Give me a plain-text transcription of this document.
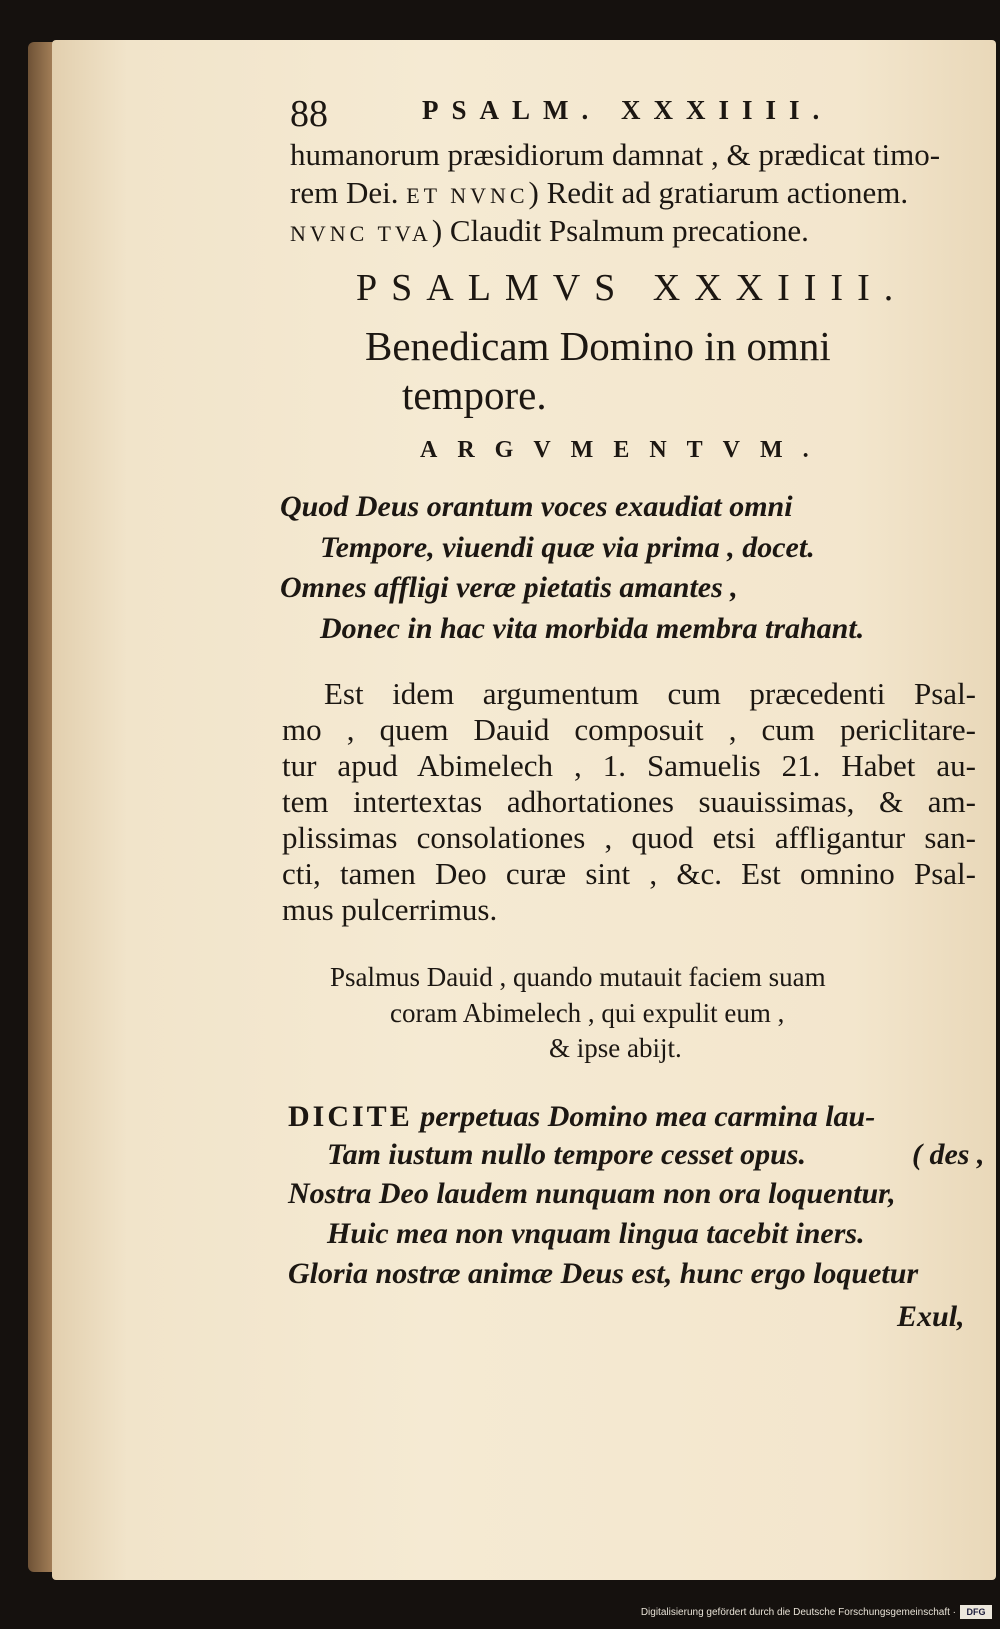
88	PSALM. XXXIIII.
humanorum præsidiorum damnat , & prædicat timo-
rem Dei. ET NVNC) Redit ad gratiarum actionem.
NVNC TVA) Claudit Psalmum precatione.
PSALMVS XXXIIII.
Benedicam Domino in omni
tempore.
ARGVMENTVM.
Quod Deus orantum voces exaudiat omni
Tempore, viuendi quæ via prima , docet.
Omnes affligi veræ pietatis amantes ,
Donec in hac vita morbida membra trahant.
Est idem argumentum cum præcedenti Psal-
mo , quem Dauid composuit , cum periclitare-
tur apud Abimelech , 1. Samuelis 21. Habet au-
tem intertextas adhortationes suauissimas, & am-
plissimas consolationes , quod etsi affligantur san-
cti, tamen Deo curæ sint , &c. Est omnino Psal-
mus pulcerrimus.
Psalmus Dauid , quando mutauit faciem suam
coram Abimelech , qui expulit eum ,
& ipse abijt.
DICITE perpetuas Domino mea carmina lau-
( des ,
Tam iustum nullo tempore cesset opus.
Nostra Deo laudem nunquam non ora loquentur,
Huic mea non vnquam lingua tacebit iners.
Gloria nostræ animæ Deus est, hunc ergo loquetur
Exul,
Digitalisierung gefördert durch die Deutsche Forschungsgemeinschaft ·	DFG
